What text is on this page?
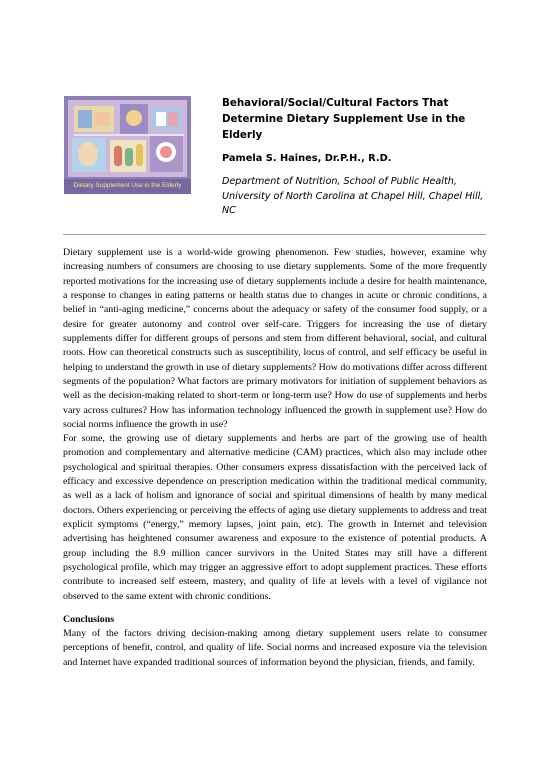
Dietary Supplement Use in the Elderly
Behavioral/Social/Cultural Factors That Determine Dietary Supplement Use in the Elderly

Pamela S. Haines, Dr.P.H., R.D.

Department of Nutrition, School of Public Health, University of North Carolina at Chapel Hill, Chapel Hill, NC

Dietary supplement use is a world-wide growing phenomenon. Few studies, however, examine why increasing numbers of consumers are choosing to use dietary supplements. Some of the more frequently reported motivations for the increasing use of dietary supplements include a desire for health maintenance, a response to changes in eating patterns or health status due to changes in acute or chronic conditions, a belief in “anti-aging medicine,” concerns about the adequacy or safety of the consumer food supply, or a desire for greater autonomy and control over self-care. Triggers for increasing the use of dietary supplements differ for different groups of persons and stem from different behavioral, social, and cultural roots. How can theoretical constructs such as susceptibility, locus of control, and self efficacy be useful in helping to understand the growth in use of dietary supplements? How do motivations differ across different segments of the population? What factors are primary motivators for initiation of supplement behaviors as well as the decision-making related to short-term or long-term use? How do use of supplements and herbs vary across cultures? How has information technology influenced the growth in supplement use? How do social norms influence the growth in use?

For some, the growing use of dietary supplements and herbs are part of the growing use of health promotion and complementary and alternative medicine (CAM) practices, which also may include other psychological and spiritual therapies. Other consumers express dissatisfaction with the perceived lack of efficacy and excessive dependence on prescription medication within the traditional medical community, as well as a lack of holism and ignorance of social and spiritual dimensions of health by many medical doctors. Others experiencing or perceiving the effects of aging use dietary supplements to address and treat explicit symptoms (“energy,” memory lapses, joint pain, etc). The growth in Internet and television advertising has heightened consumer awareness and exposure to the existence of potential products. A group including the 8.9 million cancer survivors in the United States may still have a different psychological profile, which may trigger an aggressive effort to adopt supplement practices. These efforts contribute to increased self esteem, mastery, and quality of life at levels with a level of vigilance not observed to the same extent with chronic conditions.

Conclusions

Many of the factors driving decision-making among dietary supplement users relate to consumer perceptions of benefit, control, and quality of life. Social norms and increased exposure via the television and Internet have expanded traditional sources of information beyond the physician, friends, and family.
